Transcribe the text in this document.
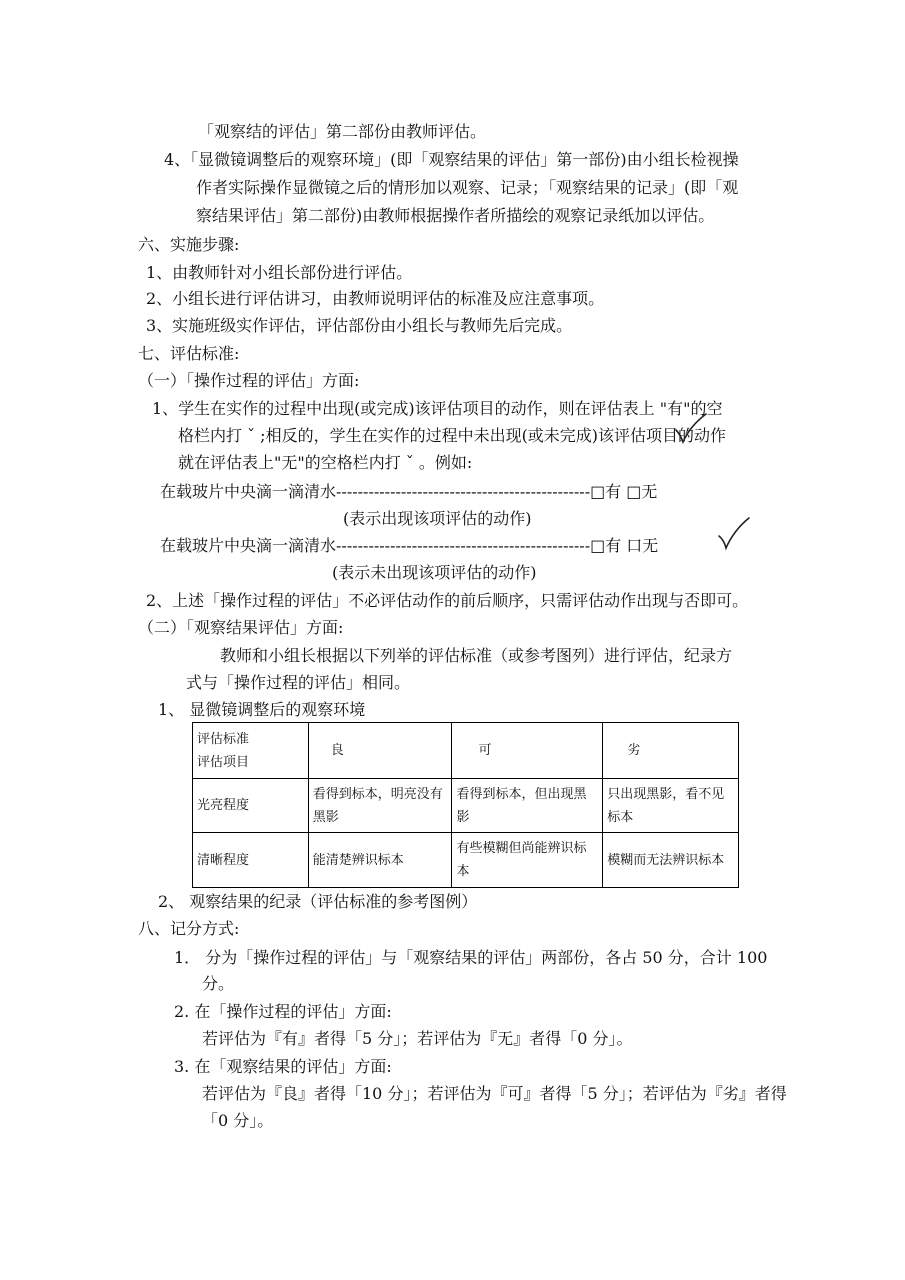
「观察结的评估」第二部份由教师评估。
4、「显微镜调整后的观察环境」(即「观察结果的评估」第一部份)由小组长检视操
作者实际操作显微镜之后的情形加以观察、记录；「观察结果的记录」(即「观
察结果评估」第二部份)由教师根据操作者所描绘的观察记录纸加以评估。
六、实施步骤:
1、由教师针对小组长部份进行评估。
2、小组长进行评估讲习，由教师说明评估的标准及应注意事项。
3、实施班级实作评估，评估部份由小组长与教师先后完成。
七、评估标准:
（一）「操作过程的评估」方面:
1、学生在实作的过程中出现(或完成)该评估项目的动作，则在评估表上 "有"的空
格栏内打 ˇ ;相反的，学生在实作的过程中未出现(或未完成)该评估项目的动作
就在评估表上"无"的空格栏内打 ˇ 。例如:
在载玻片中央滴一滴清水-----------------------------------------------□有 □无
(表示出现该项评估的动作)
在载玻片中央滴一滴清水-----------------------------------------------□有 口无
(表示未出现该项评估的动作)
2、上述「操作过程的评估」不必评估动作的前后顺序，只需评估动作出现与否即可。
（二）「观察结果评估」方面:
教师和小组长根据以下列举的评估标准（或参考图列）进行评估，纪录方
式与「操作过程的评估」相同。
1、 显微镜调整后的观察环境
评估标准
评估项目	良	可	劣
光亮程度	看得到标本，明亮没有黑影	看得到标本，但出现黑影	只出现黑影，看不见标本
清晰程度	能清楚辨识标本	有些模糊但尚能辨识标本	模糊而无法辨识标本
2、 观察结果的纪录（评估标准的参考图例）
八、记分方式:
1． 分为「操作过程的评估」与「观察结果的评估」两部份，各占 50 分，合计 100
分。
2. 在「操作过程的评估」方面:
若评估为『有』者得「5 分」；若评估为『无』者得「0 分」。
3. 在「观察结果的评估」方面:
若评估为『良』者得「10 分」；若评估为『可』者得「5 分」；若评估为『劣』者得
「0 分」。
